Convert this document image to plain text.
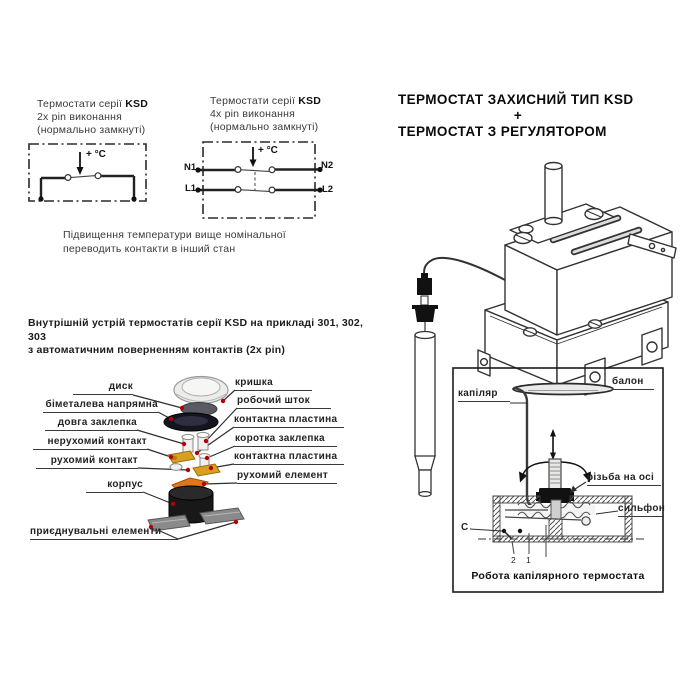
Термостати серії KSD
2х pin виконання
(нормально замкнуті)
+ °C
Термостати серії KSD
4х pin виконання
(нормально замкнуті)
+ °C
N1	N2
L1	L2
Підвищення температури вище номінальної
переводить контакти в інший стан
ТЕРМОСТАТ ЗАХИСНИЙ ТИП KSD
+
ТЕРМОСТАТ З РЕГУЛЯТОРОМ
Внутрішній устрій термостатів серії KSD на прикладі 301, 302, 303
з автоматичним поверненням контактів (2х pin)
диск
біметалева напрямна
довга заклепка
нерухомий контакт
рухомий контакт
корпус
приєднувальні елементи
кришка
робочий шток
контактна пластина
коротка заклепка
контактна пластина
рухомий елемент
капіляр
балон
різьба на осі
сильфон
C
2 1
Робота капілярного термостата
